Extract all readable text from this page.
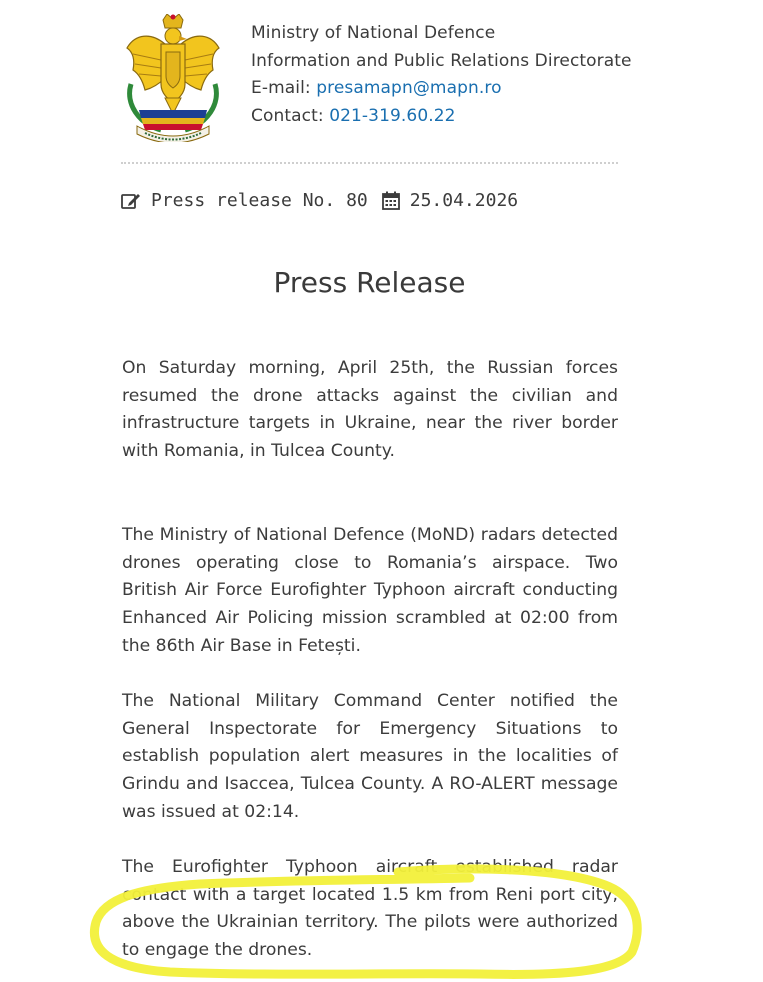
Ministry of National Defence
Information and Public Relations Directorate
E-mail: presamapn@mapn.ro
Contact: 021-319.60.22
Press release No. 80 25.04.2026
Press Release

On Saturday morning, April 25th, the Russian forces resumed the drone attacks against the civilian and infrastructure targets in Ukraine, near the river border with Romania, in Tulcea County.

The Ministry of National Defence (MoND) radars detected drones operating close to Romania’s airspace. Two British Air Force Eurofighter Typhoon aircraft conducting Enhanced Air Policing mission scrambled at 02:00 from the 86th Air Base in Fetești.

The National Military Command Center notified the General Inspectorate for Emergency Situations to establish population alert measures in the localities of Grindu and Isaccea, Tulcea County. A RO-ALERT message was issued at 02:14.

The Eurofighter Typhoon aircraft established radar contact with a target located 1.5 km from Reni port city, above the Ukrainian territory. The pilots were authorized to engage the drones.
